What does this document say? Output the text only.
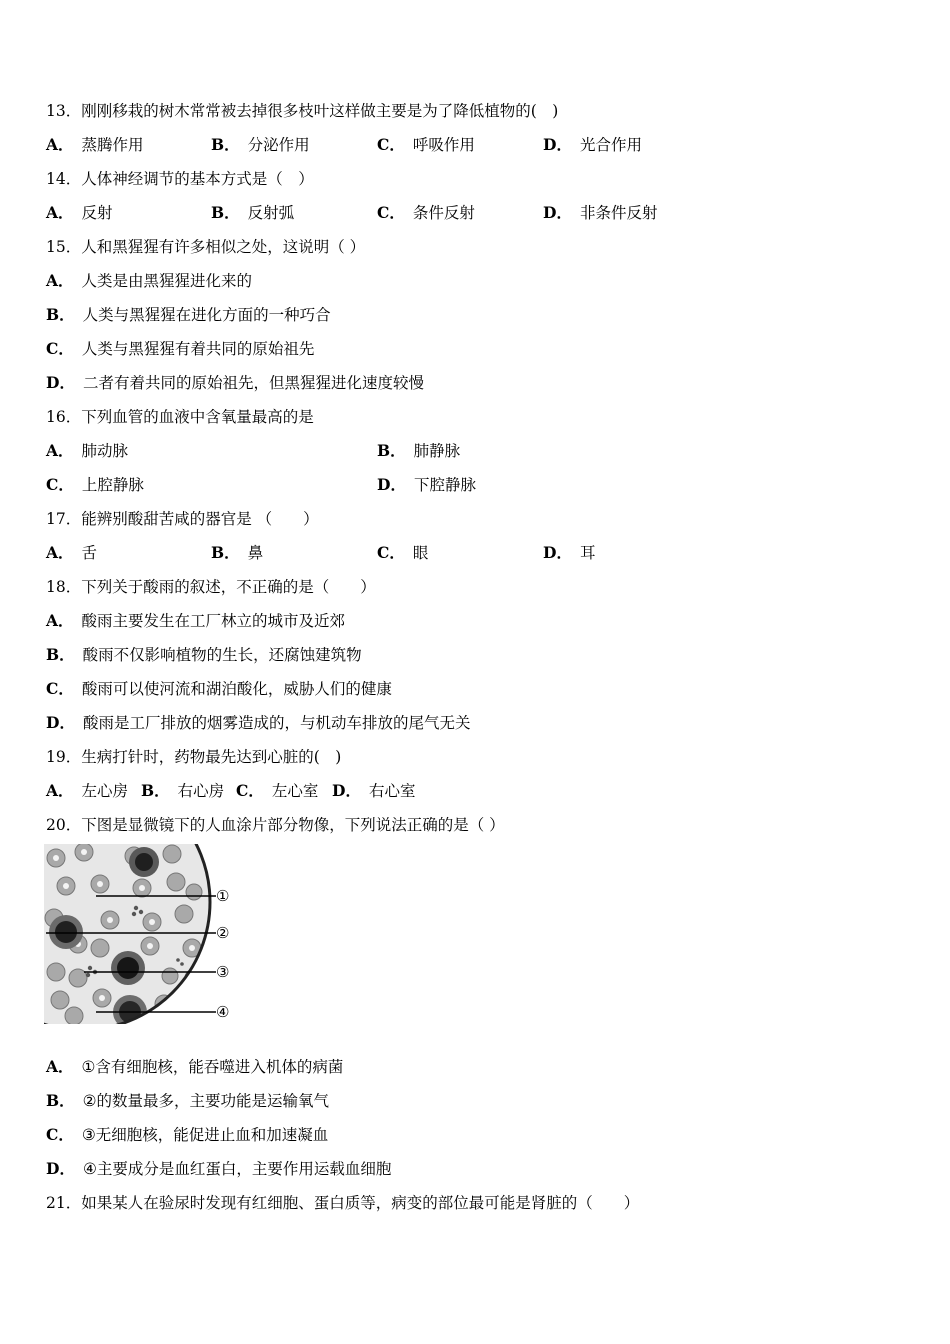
13．刚刚移栽的树木常常被去掉很多枝叶这样做主要是为了降低植物的(　)
A． 蒸腾作用	B． 分泌作用	C． 呼吸作用	D． 光合作用
14．人体神经调节的基本方式是（　）
A． 反射	B． 反射弧	C． 条件反射	D． 非条件反射
15．人和黑猩猩有许多相似之处，这说明（ ）
A． 人类是由黑猩猩进化来的
B． 人类与黑猩猩在进化方面的一种巧合
C． 人类与黑猩猩有着共同的原始祖先
D． 二者有着共同的原始祖先，但黑猩猩进化速度较慢
16．下列血管的血液中含氧量最高的是
A． 肺动脉	B． 肺静脉
C． 上腔静脉	D． 下腔静脉
17．能辨别酸甜苦咸的器官是 （　　）
A． 舌	B． 鼻	C． 眼	D． 耳
18．下列关于酸雨的叙述，不正确的是（　　）
A． 酸雨主要发生在工厂林立的城市及近郊
B． 酸雨不仅影响植物的生长，还腐蚀建筑物
C． 酸雨可以使河流和湖泊酸化，威胁人们的健康
D． 酸雨是工厂排放的烟雾造成的，与机动车排放的尾气无关
19．生病打针时，药物最先达到心脏的(　)
A． 左心房 B． 右心房 C． 左心室 D． 右心室
20．下图是显微镜下的人血涂片部分物像，下列说法正确的是（ ）
①
②
③
④
A． ①含有细胞核，能吞噬进入机体的病菌
B． ②的数量最多，主要功能是运输氧气
C． ③无细胞核，能促进止血和加速凝血
D． ④主要成分是血红蛋白，主要作用运载血细胞
21．如果某人在验尿时发现有红细胞、蛋白质等，病变的部位最可能是肾脏的（　　）
